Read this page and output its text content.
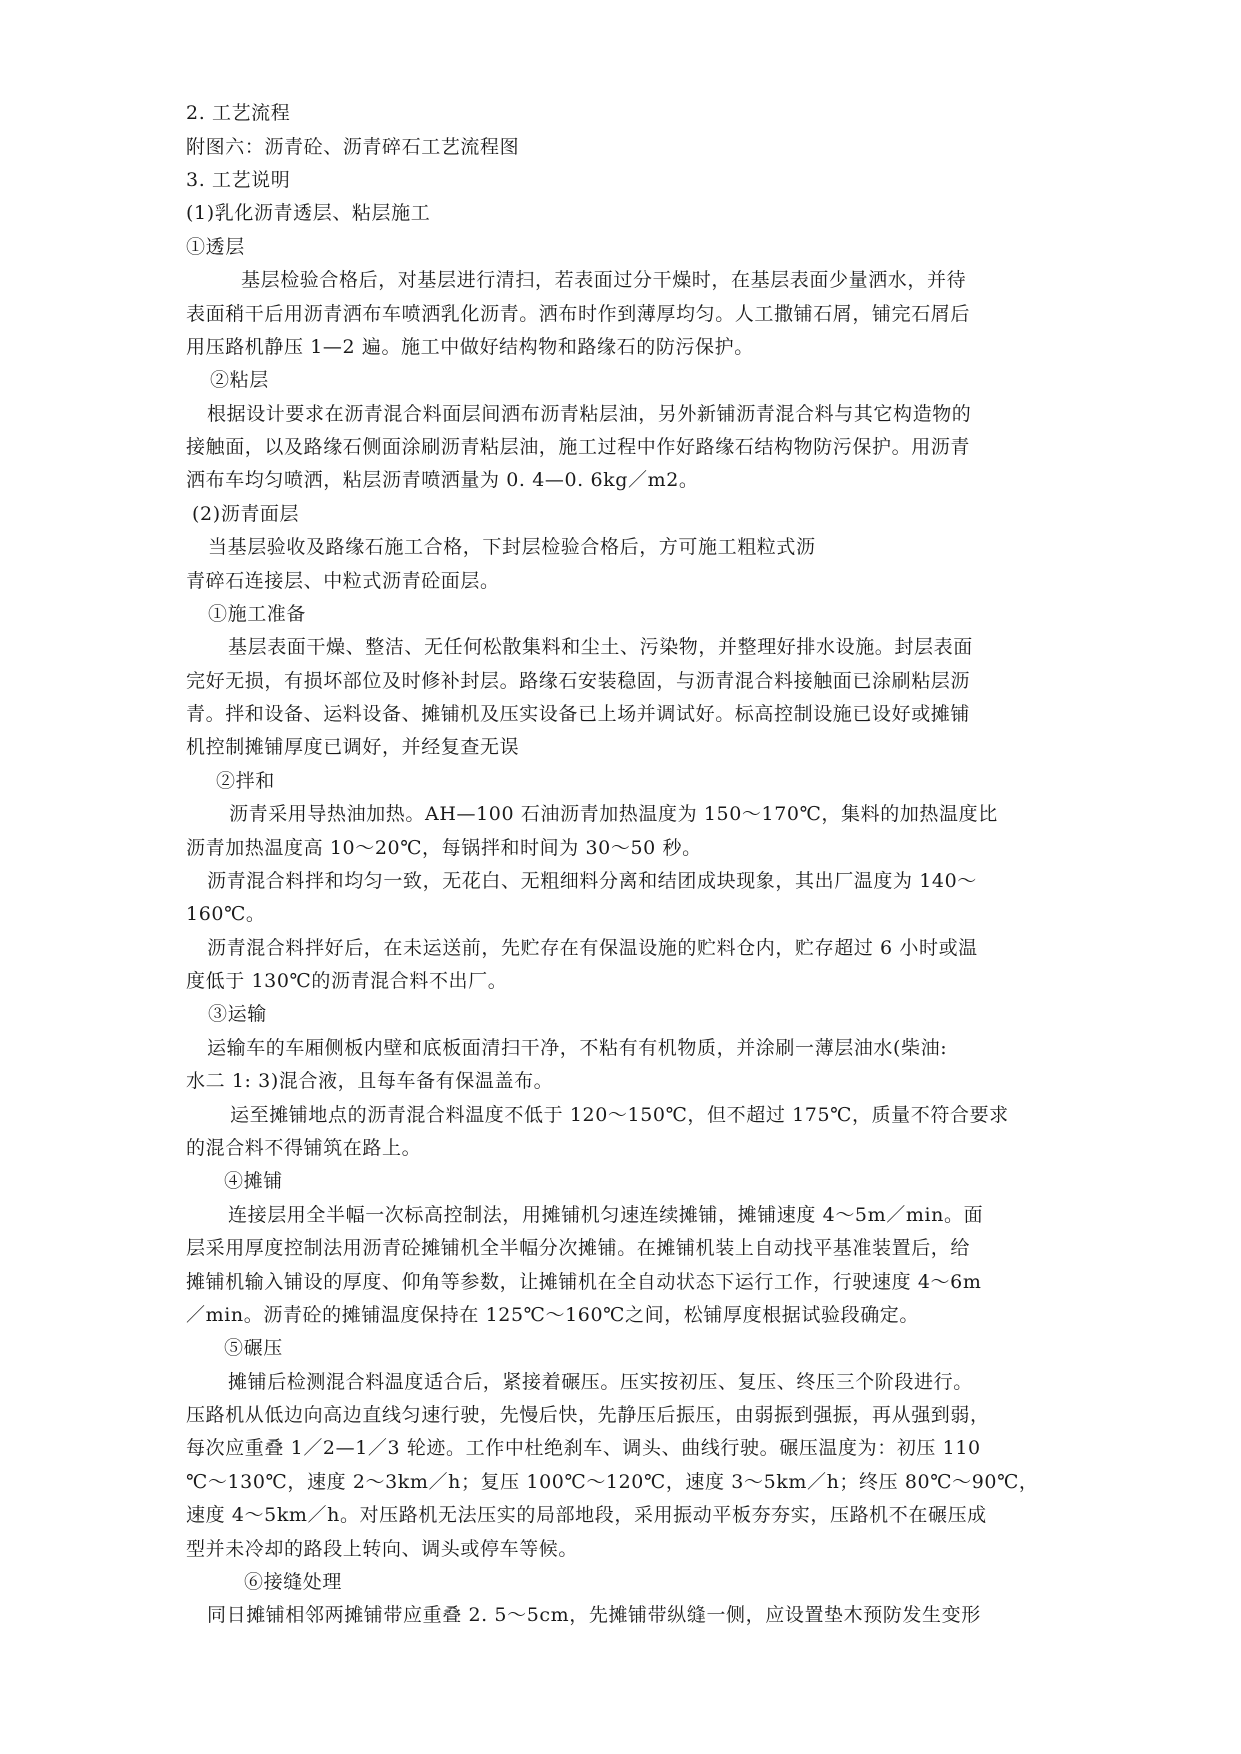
2. 工艺流程
附图六：沥青砼、沥青碎石工艺流程图
3. 工艺说明
(1)乳化沥青透层、粘层施工
①透层
基层检验合格后，对基层进行清扫，若表面过分干燥时，在基层表面少量洒水，并待
表面稍干后用沥青洒布车喷洒乳化沥青。洒布时作到薄厚均匀。人工撒铺石屑，铺完石屑后
用压路机静压 1—2 遍。施工中做好结构物和路缘石的防污保护。
②粘层
根据设计要求在沥青混合料面层间洒布沥青粘层油，另外新铺沥青混合料与其它构造物的
接触面，以及路缘石侧面涂刷沥青粘层油，施工过程中作好路缘石结构物防污保护。用沥青
洒布车均匀喷洒，粘层沥青喷洒量为 0. 4—0. 6kg／m2。
(2)沥青面层
当基层验收及路缘石施工合格，下封层检验合格后，方可施工粗粒式沥
青碎石连接层、中粒式沥青砼面层。
①施工准备
基层表面干燥、整洁、无任何松散集料和尘土、污染物，并整理好排水设施。封层表面
完好无损，有损坏部位及时修补封层。路缘石安装稳固，与沥青混合料接触面已涂刷粘层沥
青。拌和设备、运料设备、摊铺机及压实设备已上场并调试好。标高控制设施已设好或摊铺
机控制摊铺厚度已调好，并经复查无误
②拌和
沥青采用导热油加热。AH—100 石油沥青加热温度为 150～170℃，集料的加热温度比
沥青加热温度高 10～20℃，每锅拌和时间为 30～50 秒。
沥青混合料拌和均匀一致，无花白、无粗细料分离和结团成块现象，其出厂温度为 140～
160℃。
沥青混合料拌好后，在未运送前，先贮存在有保温设施的贮料仓内，贮存超过 6 小时或温
度低于 130℃的沥青混合料不出厂。
③运输
运输车的车厢侧板内壁和底板面清扫干净，不粘有有机物质，并涂刷一薄层油水(柴油:
水二 1: 3)混合液，且每车备有保温盖布。
运至摊铺地点的沥青混合料温度不低于 120～150℃，但不超过 175℃，质量不符合要求
的混合料不得铺筑在路上。
④摊铺
连接层用全半幅一次标高控制法，用摊铺机匀速连续摊铺，摊铺速度 4～5m／min。面
层采用厚度控制法用沥青砼摊铺机全半幅分次摊铺。在摊铺机装上自动找平基准装置后，给
摊铺机输入铺设的厚度、仰角等参数，让摊铺机在全自动状态下运行工作，行驶速度 4～6m
／min。沥青砼的摊铺温度保持在 125℃～160℃之间，松铺厚度根据试验段确定。
⑤碾压
摊铺后检测混合料温度适合后，紧接着碾压。压实按初压、复压、终压三个阶段进行。
压路机从低边向高边直线匀速行驶，先慢后快，先静压后振压，由弱振到强振，再从强到弱，
每次应重叠 1／2—1／3 轮迹。工作中杜绝刹车、调头、曲线行驶。碾压温度为：初压 110
℃～130℃，速度 2～3km／h；复压 100℃～120℃，速度 3～5km／h；终压 80℃～90℃，
速度 4～5km／h。对压路机无法压实的局部地段，采用振动平板夯夯实，压路机不在碾压成
型并未冷却的路段上转向、调头或停车等候。
⑥接缝处理
同日摊铺相邻两摊铺带应重叠 2. 5～5cm，先摊铺带纵缝一侧，应设置垫木预防发生变形
